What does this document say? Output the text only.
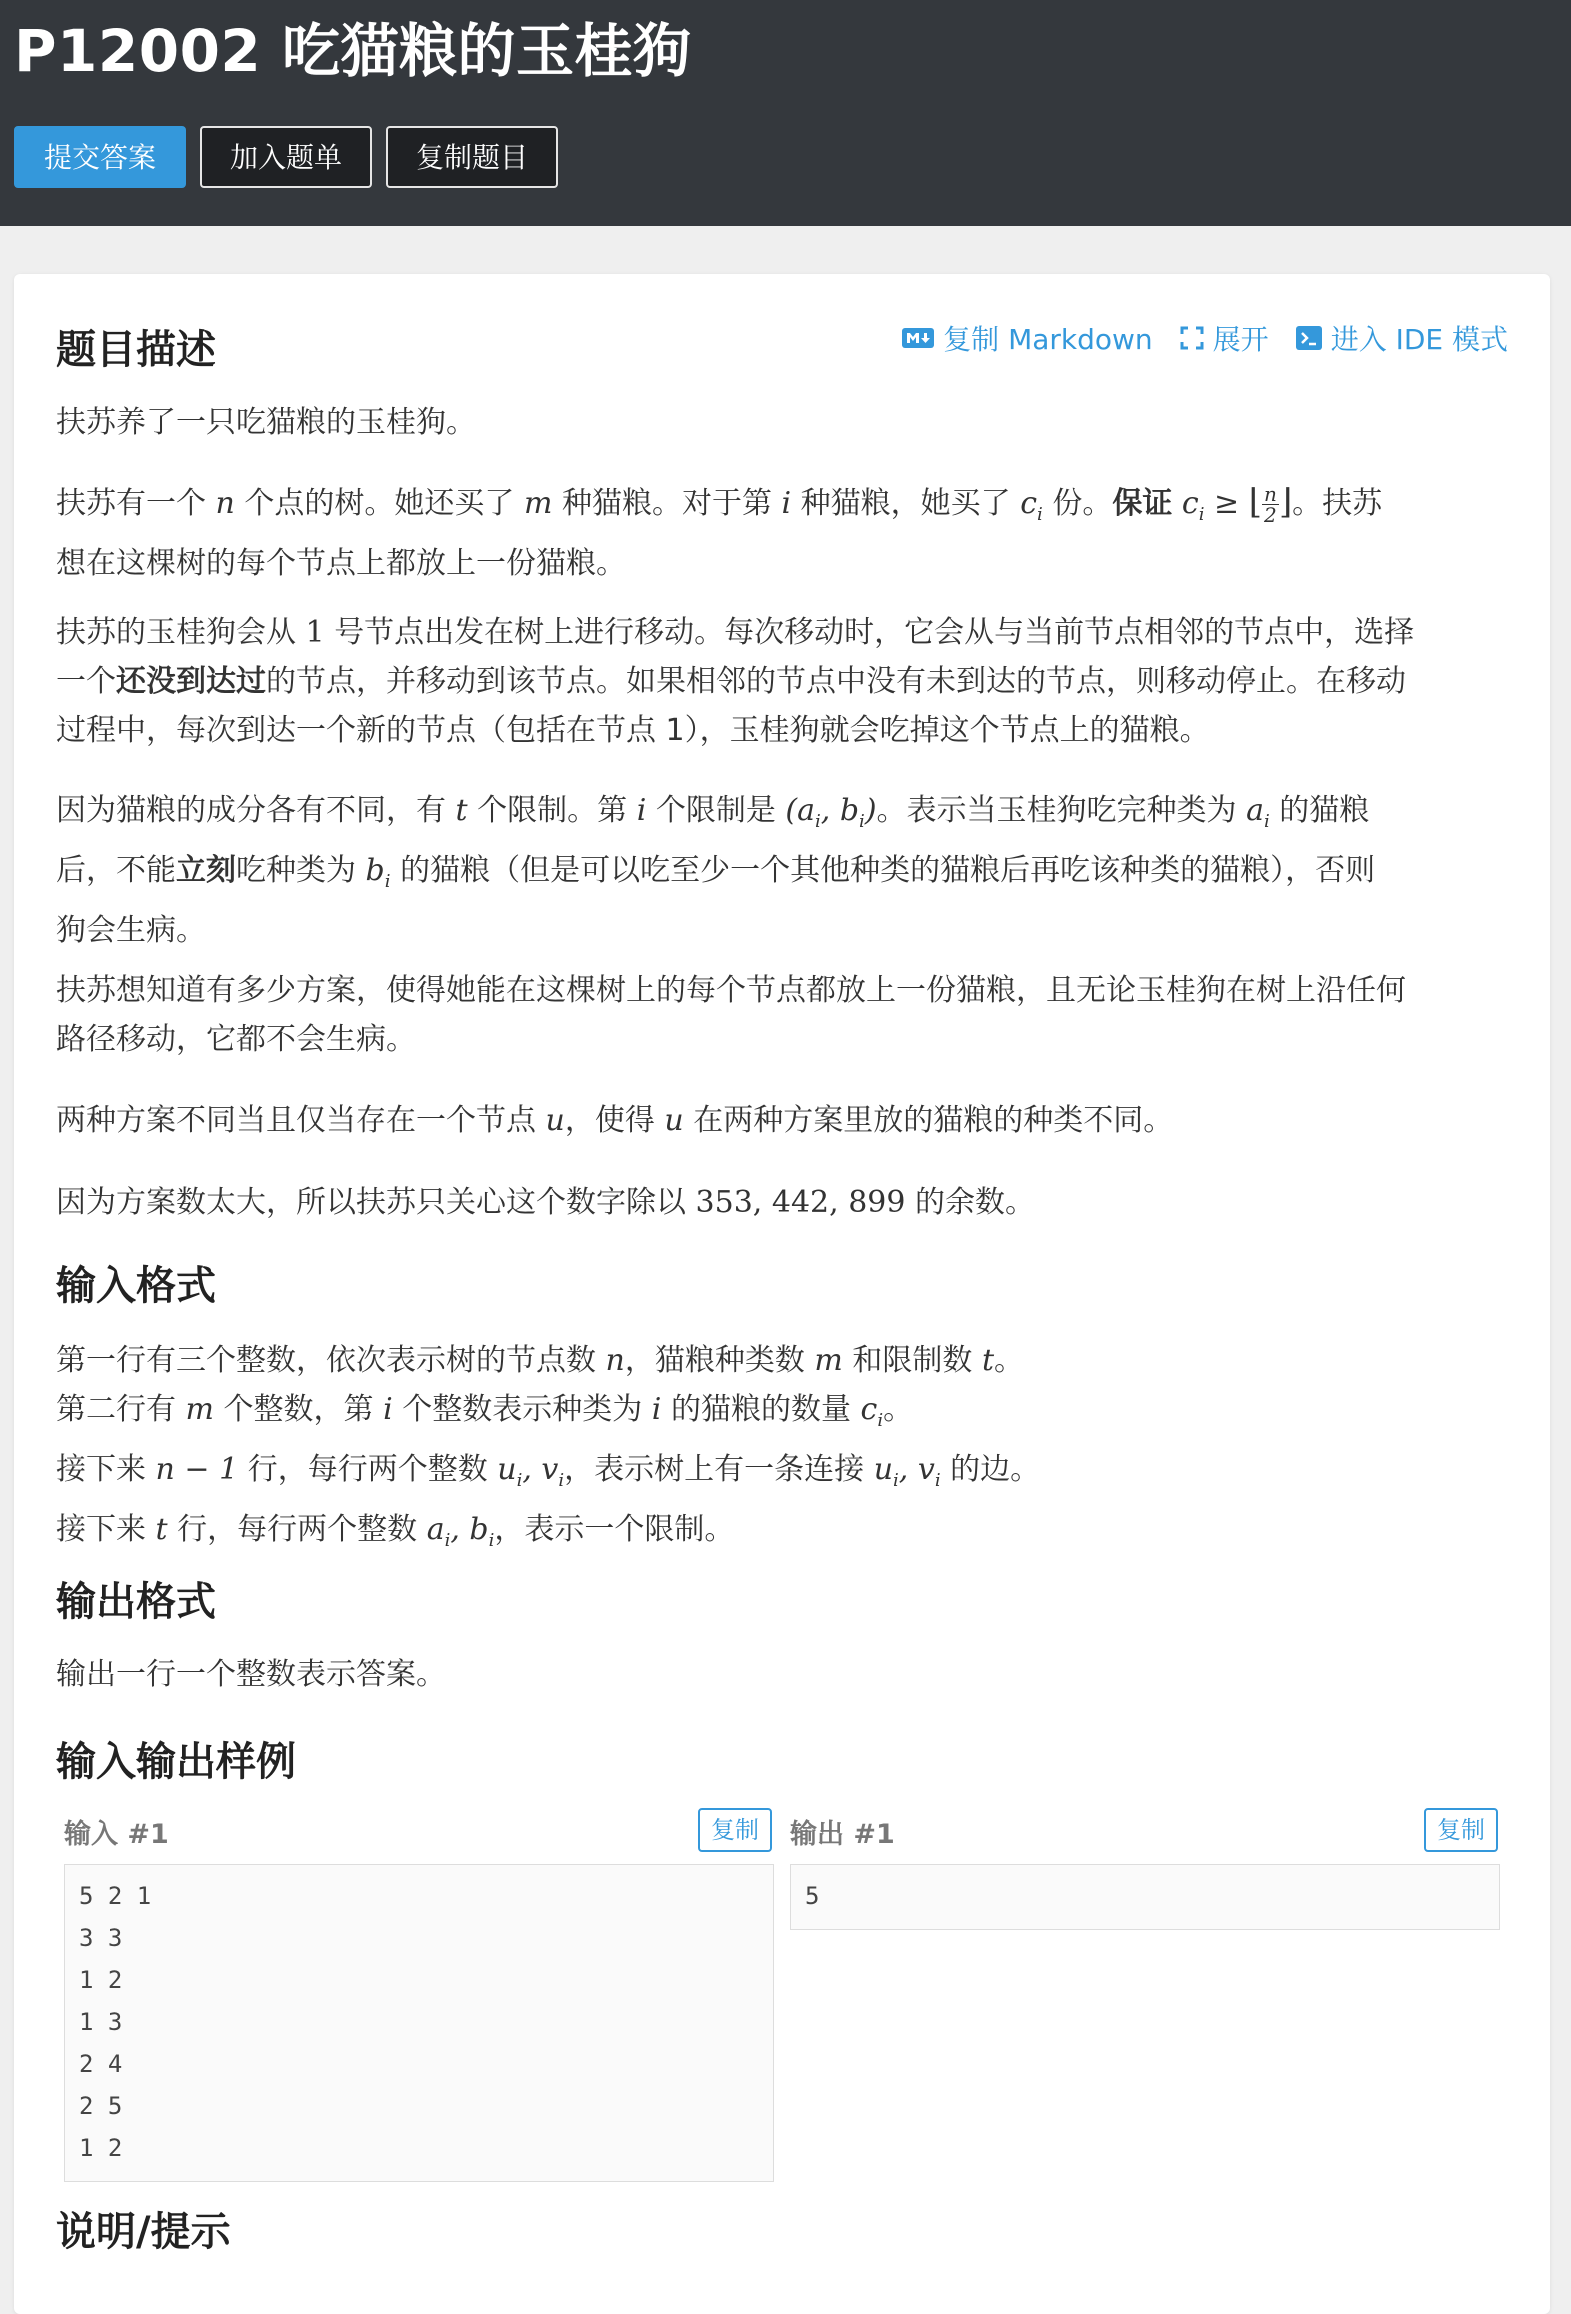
P12002 吃猫粮的玉桂狗
提交答案	加入题单	复制题目
复制 Markdown 展开 进入 IDE 模式
题目描述

扶苏养了一只吃猫粮的玉桂狗。

扶苏有一个 n 个点的树。她还买了 m 种猫粮。对于第 i 种猫粮，她买了 $c_i$ 份。保证 $c_i$ ≥ ⌊ $\frac{n}{2}$ ⌋。扶苏
想在这棵树的每个节点上都放上一份猫粮。

扶苏的玉桂狗会从 1 号节点出发在树上进行移动。每次移动时，它会从与当前节点相邻的节点中，选择
一个还没到达过的节点，并移动到该节点。如果相邻的节点中没有未到达的节点，则移动停止。在移动
过程中，每次到达一个新的节点（包括在节点 1），玉桂狗就会吃掉这个节点上的猫粮。

因为猫粮的成分各有不同，有 t 个限制。第 i 个限制是 ($a_i$, $b_i$)。表示当玉桂狗吃完种类为 $a_i$ 的猫粮
后，不能立刻吃种类为 $b_i$ 的猫粮（但是可以吃至少一个其他种类的猫粮后再吃该种类的猫粮），否则
狗会生病。

扶苏想知道有多少方案，使得她能在这棵树上的每个节点都放上一份猫粮，且无论玉桂狗在树上沿任何
路径移动，它都不会生病。

两种方案不同当且仅当存在一个节点 u，使得 u 在两种方案里放的猫粮的种类不同。

因为方案数太大，所以扶苏只关心这个数字除以 353, 442, 899 的余数。

输入格式

第一行有三个整数，依次表示树的节点数 n，猫粮种类数 m 和限制数 t。
第二行有 m 个整数，第 i 个整数表示种类为 i 的猫粮的数量 $c_i$。
接下来 n − 1 行，每行两个整数 $u_i$, $v_i$，表示树上有一条连接 $u_i$, $v_i$ 的边。
接下来 t 行，每行两个整数 $a_i$, $b_i$，表示一个限制。

输出格式

输出一行一个整数表示答案。

输入输出样例
输入 #1	复制
5 2 1
3 3
1 2
1 3
2 4
2 5
1 2
输出 #1	复制
5
说明/提示
